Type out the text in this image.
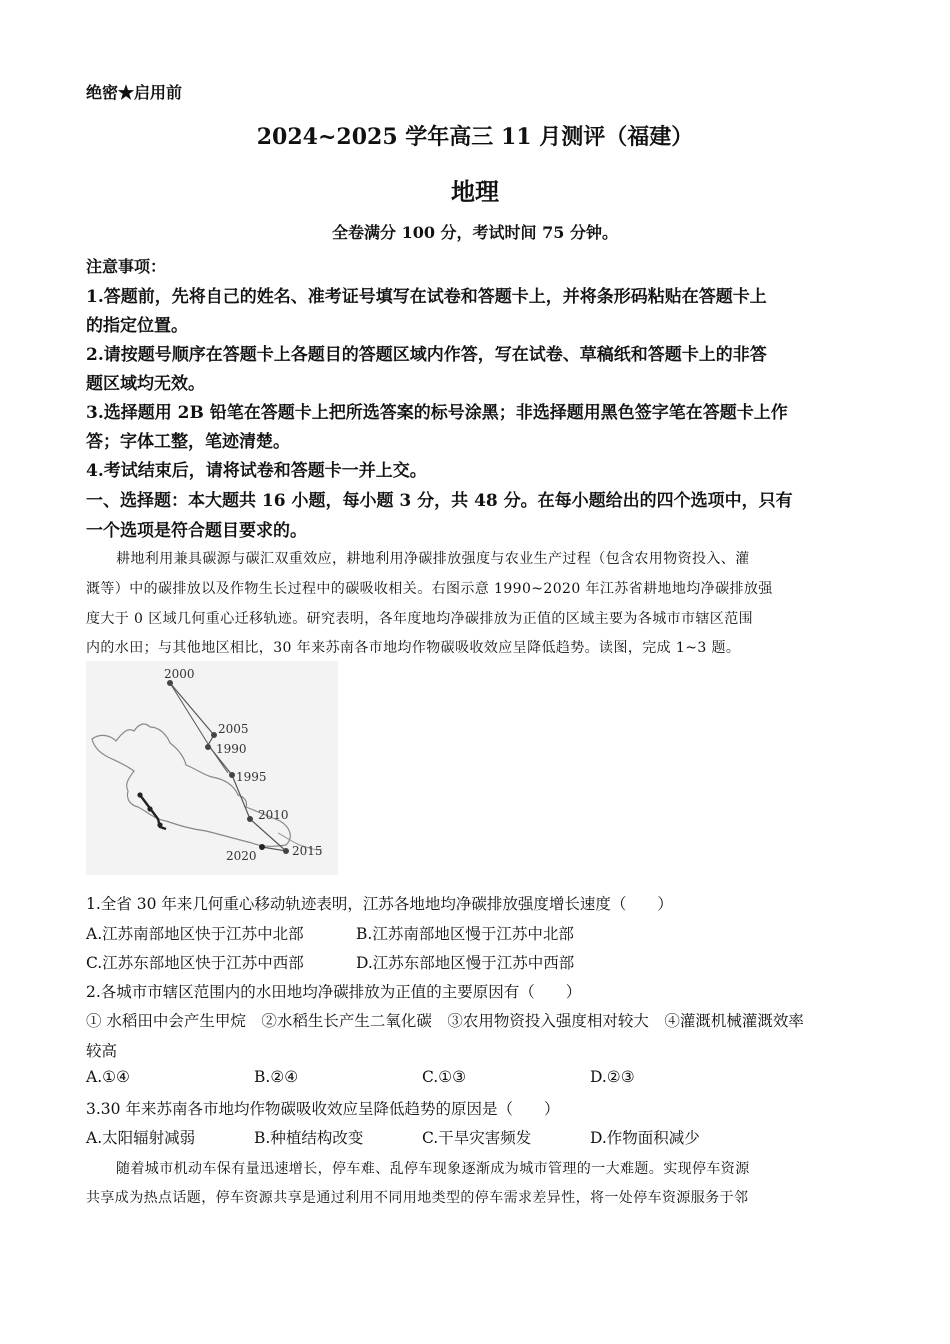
绝密★启用前
2024~2025 学年高三 11 月测评（福建）
地理
全卷满分 100 分，考试时间 75 分钟。
注意事项：
1.答题前，先将自己的姓名、准考证号填写在试卷和答题卡上，并将条形码粘贴在答题卡上
的指定位置。
2.请按题号顺序在答题卡上各题目的答题区域内作答，写在试卷、草稿纸和答题卡上的非答
题区域均无效。
3.选择题用 2B 铅笔在答题卡上把所选答案的标号涂黑；非选择题用黑色签字笔在答题卡上作
答；字体工整，笔迹清楚。
4.考试结束后，请将试卷和答题卡一并上交。
一、选择题：本大题共 16 小题，每小题 3 分，共 48 分。在每小题给出的四个选项中，只有
一个选项是符合题目要求的。
耕地利用兼具碳源与碳汇双重效应，耕地利用净碳排放强度与农业生产过程（包含农用物资投入、灌
溉等）中的碳排放以及作物生长过程中的碳吸收相关。右图示意 1990~2020 年江苏省耕地地均净碳排放强
度大于 0 区域几何重心迁移轨迹。研究表明，各年度地均净碳排放为正值的区域主要为各城市市辖区范围
内的水田；与其他地区相比，30 年来苏南各市地均作物碳吸收效应呈降低趋势。读图，完成 1~3 题。
2000
2005
1990
1995
2010
2020	2015
1.全省 30 年来几何重心移动轨迹表明，江苏各地地均净碳排放强度增长速度（　　）
A.江苏南部地区快于江苏中北部	B.江苏南部地区慢于江苏中北部
C.江苏东部地区快于江苏中西部	D.江苏东部地区慢于江苏中西部
2.各城市市辖区范围内的水田地均净碳排放为正值的主要原因有（　　）
① 水稻田中会产生甲烷　②水稻生长产生二氧化碳　③农用物资投入强度相对较大　④灌溉机械灌溉效率
较高
A.①④	B.②④	C.①③	D.②③
3.30 年来苏南各市地均作物碳吸收效应呈降低趋势的原因是（　　）
A.太阳辐射减弱	B.种植结构改变	C.干旱灾害频发	D.作物面积减少
随着城市机动车保有量迅速增长，停车难、乱停车现象逐渐成为城市管理的一大难题。实现停车资源
共享成为热点话题，停车资源共享是通过利用不同用地类型的停车需求差异性，将一处停车资源服务于邻
